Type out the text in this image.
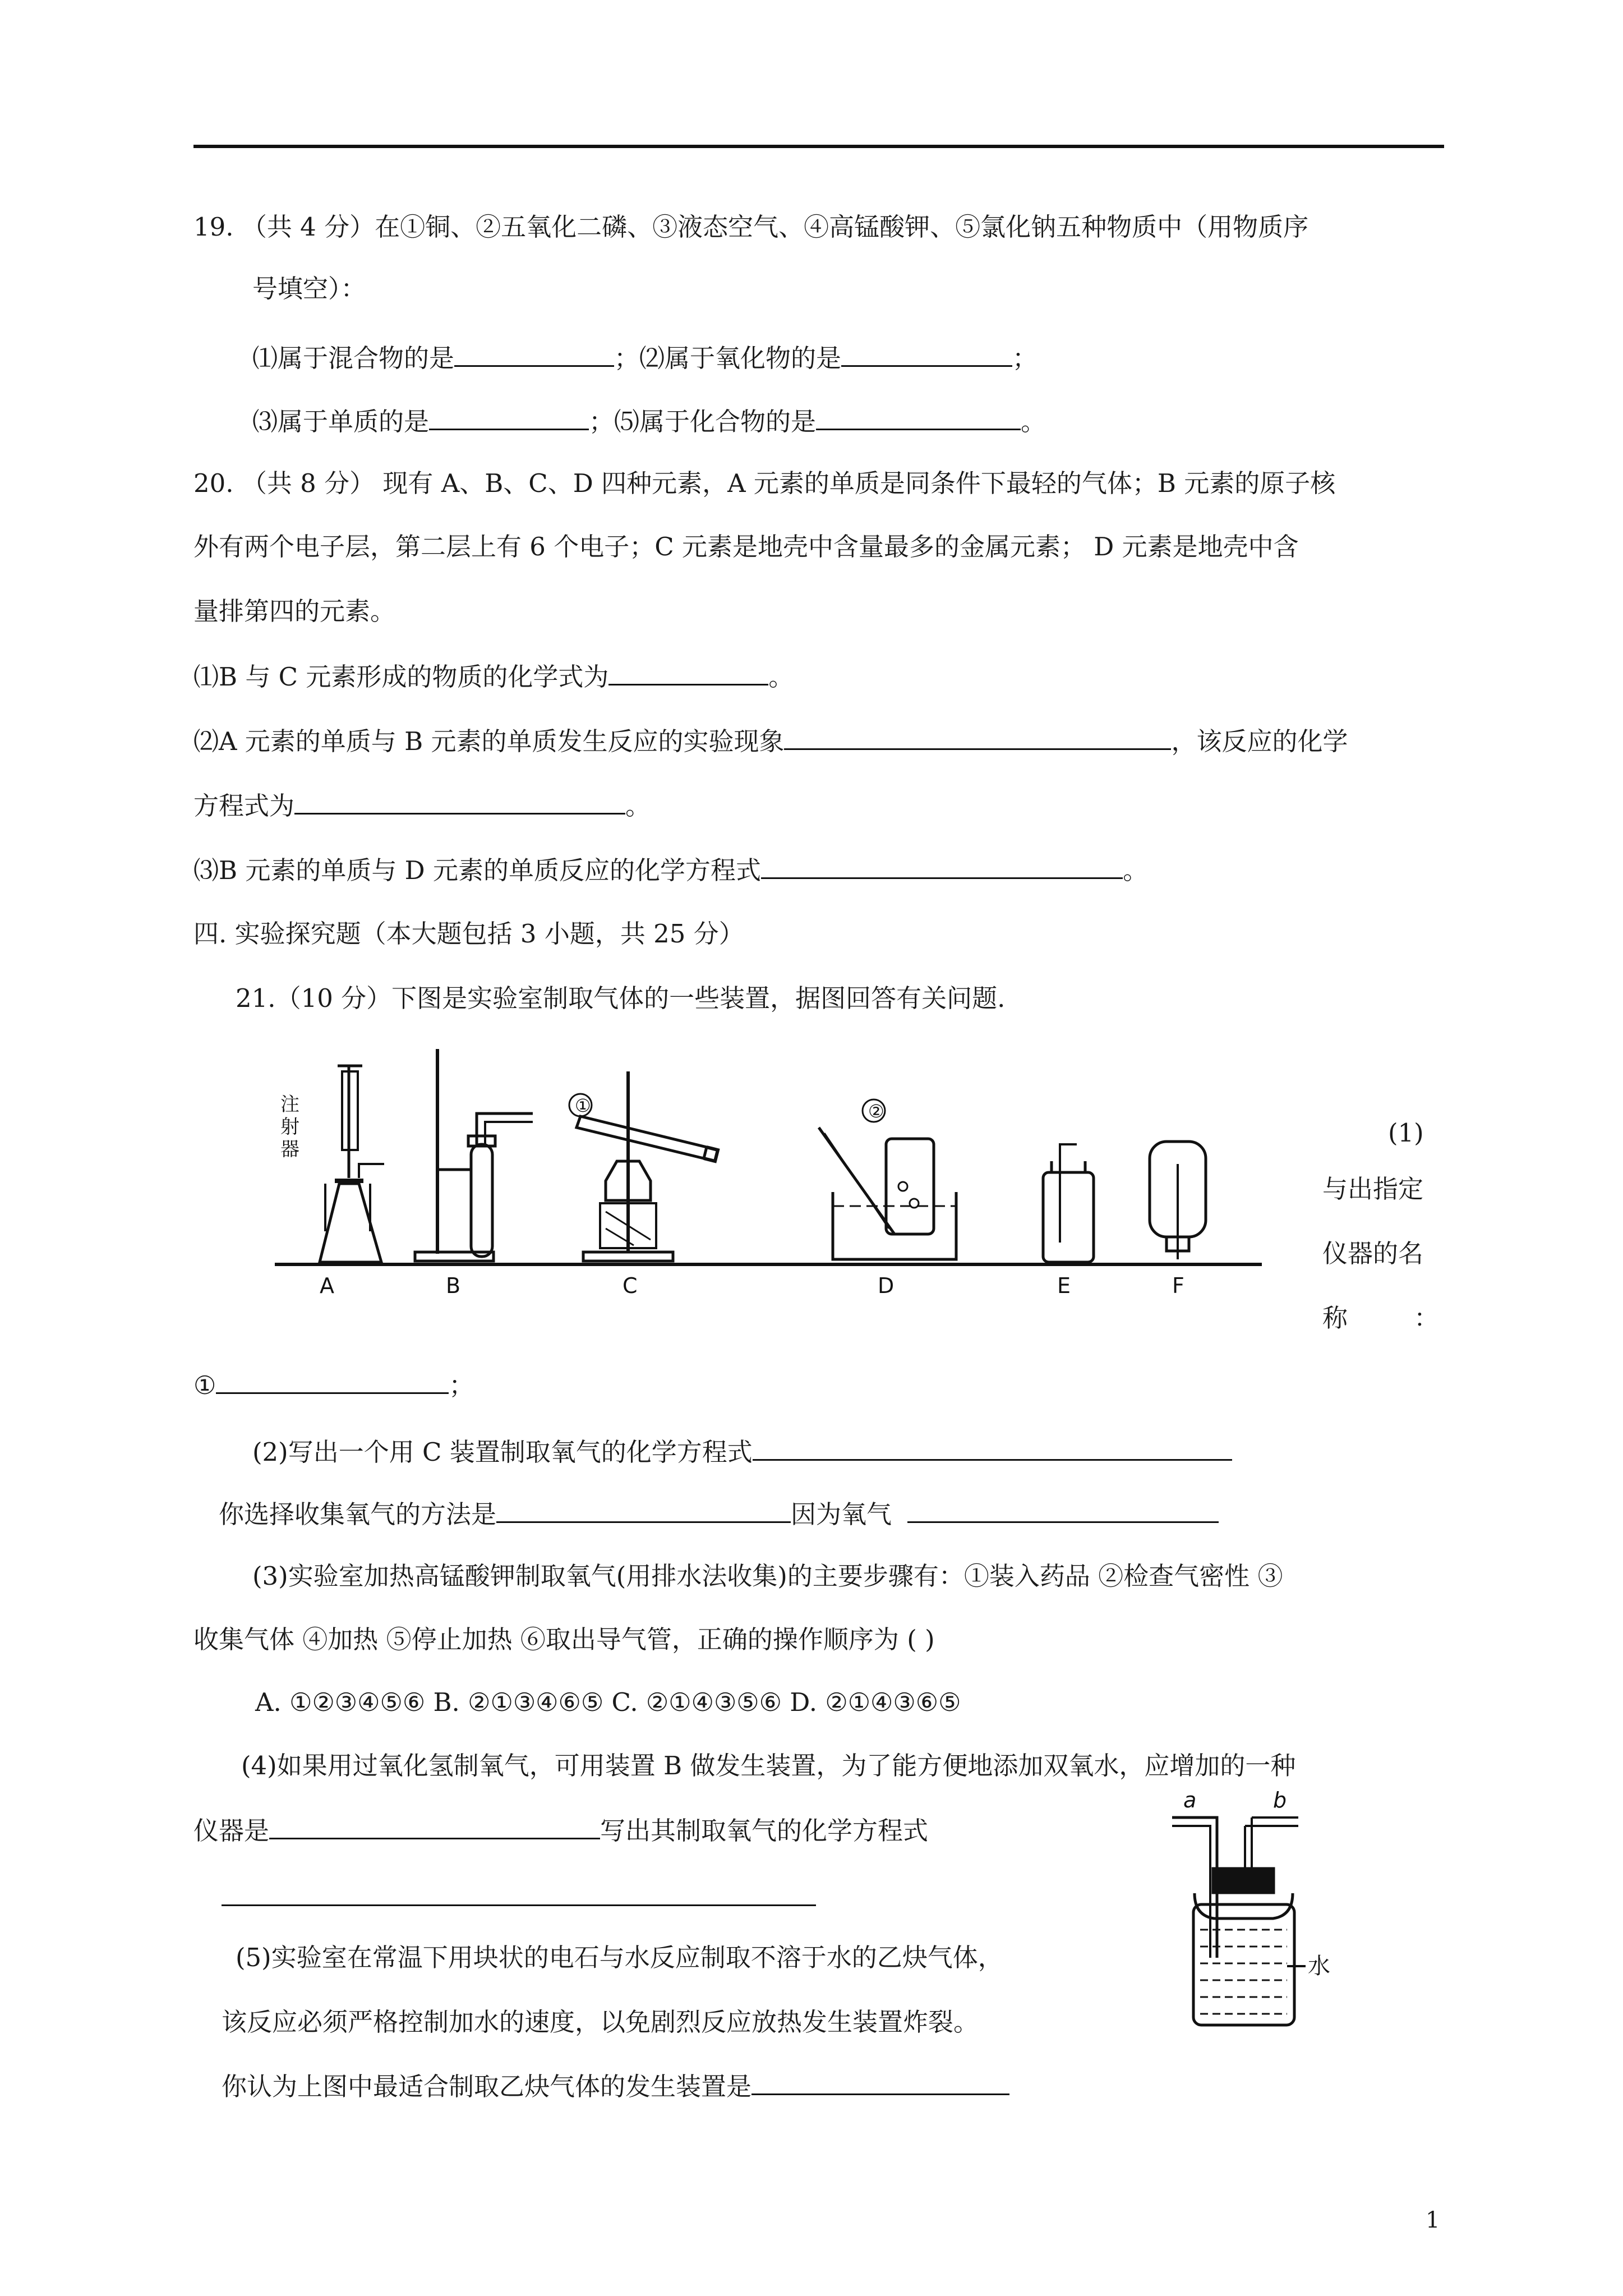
19. （共 4 分）在①铜、②五氧化二磷、③液态空气、④高锰酸钾、⑤氯化钠五种物质中（用物质序
号填空）：
⑴属于混合物的是	；⑵属于氧化物的是	；
⑶属于单质的是	；⑸属于化合物的是	。
20. （共 8 分） 现有 A、B、C、D 四种元素，A 元素的单质是同条件下最轻的气体；B 元素的原子核
外有两个电子层，第二层上有 6 个电子；C 元素是地壳中含量最多的金属元素； D 元素是地壳中含
量排第四的元素。
⑴B 与 C 元素形成的物质的化学式为	。
⑵A 元素的单质与 B 元素的单质发生反应的实验现象	，该反应的化学
方程式为	。
⑶B 元素的单质与 D 元素的单质反应的化学方程式	。
四. 实验探究题（本大题包括 3 小题，共 25 分）
21.（10 分）下图是实验室制取气体的一些装置，据图回答有关问题.
注
射
器
①	②
A	B	C	D	E	F
(1)
与出指定
仪器的名
称	：
①	；
(2)写出一个用 C 装置制取氧气的化学方程式
你选择收集氧气的方法是	因为氧气
(3)实验室加热高锰酸钾制取氧气(用排水法收集)的主要步骤有：①装入药品 ②检查气密性 ③
收集气体 ④加热 ⑤停止加热 ⑥取出导气管，正确的操作顺序为 ( )
A. ①②③④⑤⑥ B. ②①③④⑥⑤ C. ②①④③⑤⑥ D. ②①④③⑥⑤
(4)如果用过氧化氢制氧气，可用装置 B 做发生装置，为了能方便地添加双氧水，应增加的一种
仪器是	写出其制取氧气的化学方程式
(5)实验室在常温下用块状的电石与水反应制取不溶于水的乙炔气体，
该反应必须严格控制加水的速度，以免剧烈反应放热发生装置炸裂。
你认为上图中最适合制取乙炔气体的发生装置是
a	b
水
1
